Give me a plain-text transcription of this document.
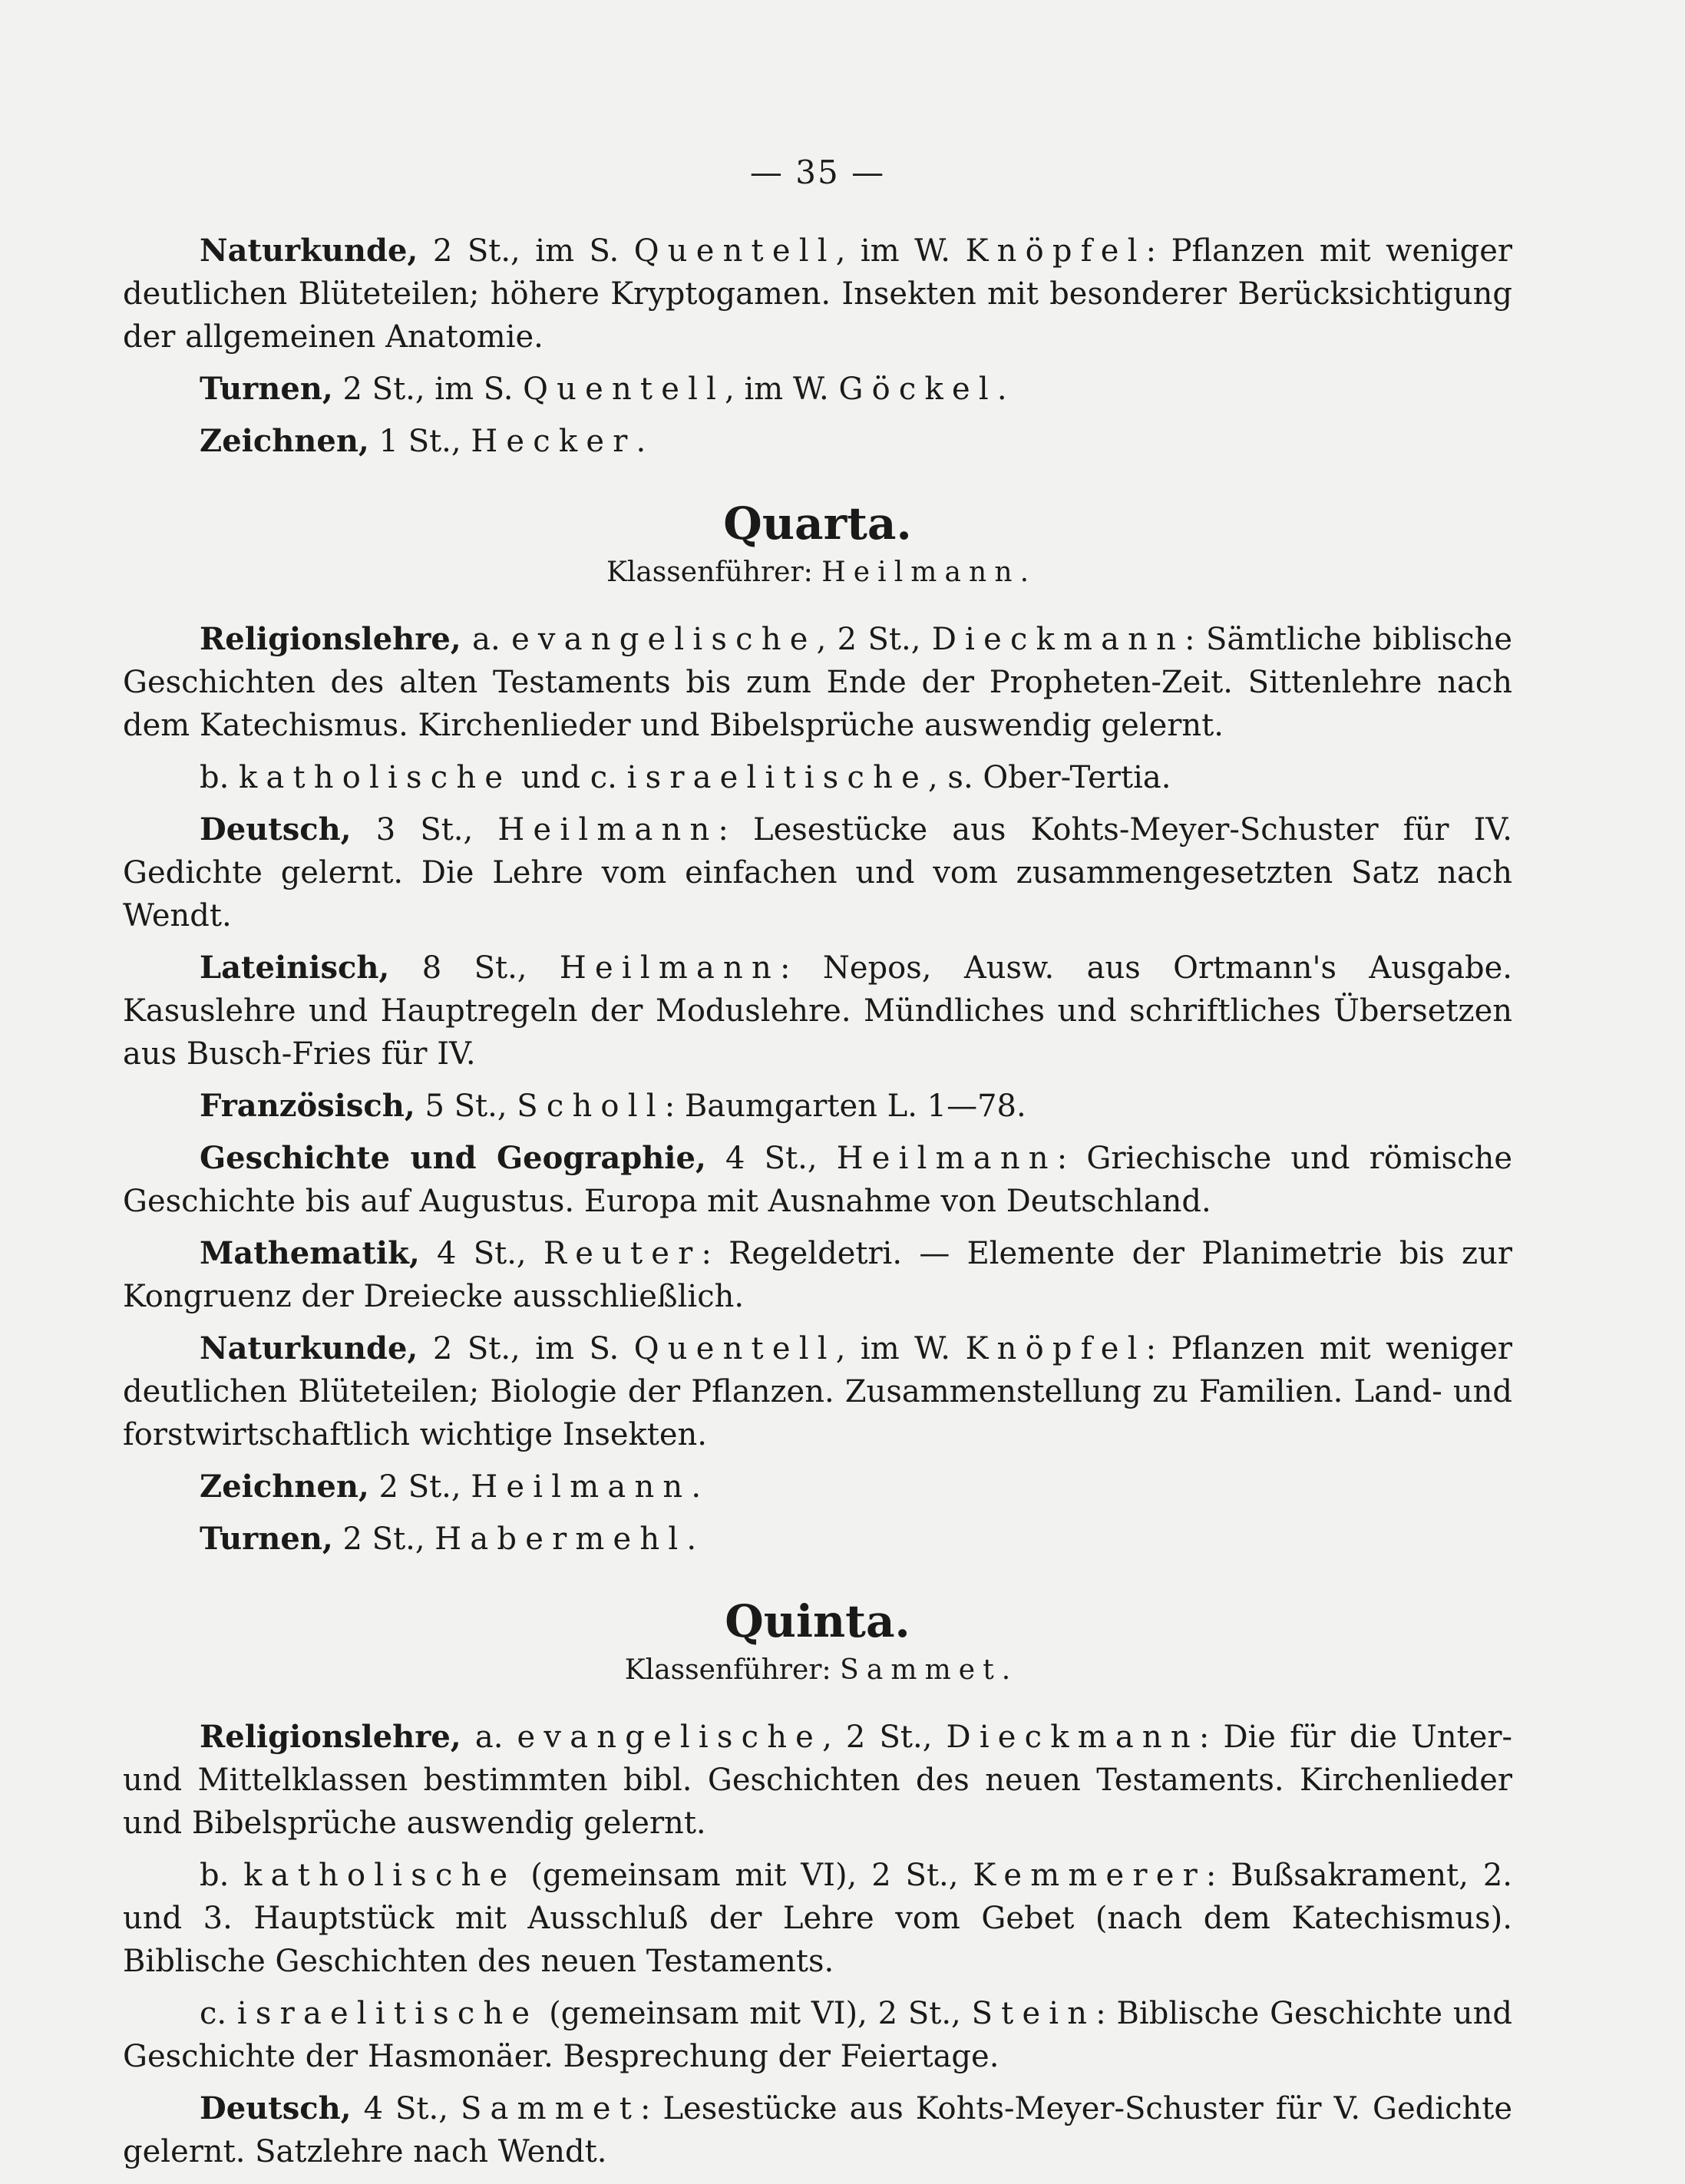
— 35 —

Naturkunde, 2 St., im S. Quentell, im W. Knöpfel: Pflanzen mit weniger deutlichen Blüteteilen; höhere Kryptogamen. Insekten mit besonderer Berücksichtigung der allgemeinen Anatomie.

Turnen, 2 St., im S. Quentell, im W. Göckel.

Zeichnen, 1 St., Hecker.

Quarta.
Klassenführer: Heilmann.

Religionslehre, a. evangelische, 2 St., Dieckmann: Sämtliche biblische Geschichten des alten Testaments bis zum Ende der Propheten-Zeit. Sittenlehre nach dem Katechismus. Kirchenlieder und Bibelsprüche auswendig gelernt.

b. katholische und c. israelitische, s. Ober-Tertia.

Deutsch, 3 St., Heilmann: Lesestücke aus Kohts-Meyer-Schuster für IV. Gedichte gelernt. Die Lehre vom einfachen und vom zusammengesetzten Satz nach Wendt.

Lateinisch, 8 St., Heilmann: Nepos, Ausw. aus Ortmann's Ausgabe. Kasuslehre und Hauptregeln der Moduslehre. Mündliches und schriftliches Übersetzen aus Busch-Fries für IV.

Französisch, 5 St., Scholl: Baumgarten L. 1—78.

Geschichte und Geographie, 4 St., Heilmann: Griechische und römische Geschichte bis auf Augustus. Europa mit Ausnahme von Deutschland.

Mathematik, 4 St., Reuter: Regeldetri. — Elemente der Planimetrie bis zur Kongruenz der Dreiecke ausschließlich.

Naturkunde, 2 St., im S. Quentell, im W. Knöpfel: Pflanzen mit weniger deutlichen Blüteteilen; Biologie der Pflanzen. Zusammenstellung zu Familien. Land- und forstwirtschaftlich wichtige Insekten.

Zeichnen, 2 St., Heilmann.

Turnen, 2 St., Habermehl.

Quinta.
Klassenführer: Sammet.

Religionslehre, a. evangelische, 2 St., Dieckmann: Die für die Unter- und Mittelklassen bestimmten bibl. Geschichten des neuen Testaments. Kirchenlieder und Bibelsprüche auswendig gelernt.

b. katholische (gemeinsam mit VI), 2 St., Kemmerer: Bußsakrament, 2. und 3. Hauptstück mit Ausschluß der Lehre vom Gebet (nach dem Katechismus). Biblische Geschichten des neuen Testaments.

c. israelitische (gemeinsam mit VI), 2 St., Stein: Biblische Geschichte und Geschichte der Hasmonäer. Besprechung der Feiertage.

Deutsch, 4 St., Sammet: Lesestücke aus Kohts-Meyer-Schuster für V. Gedichte gelernt. Satzlehre nach Wendt.
